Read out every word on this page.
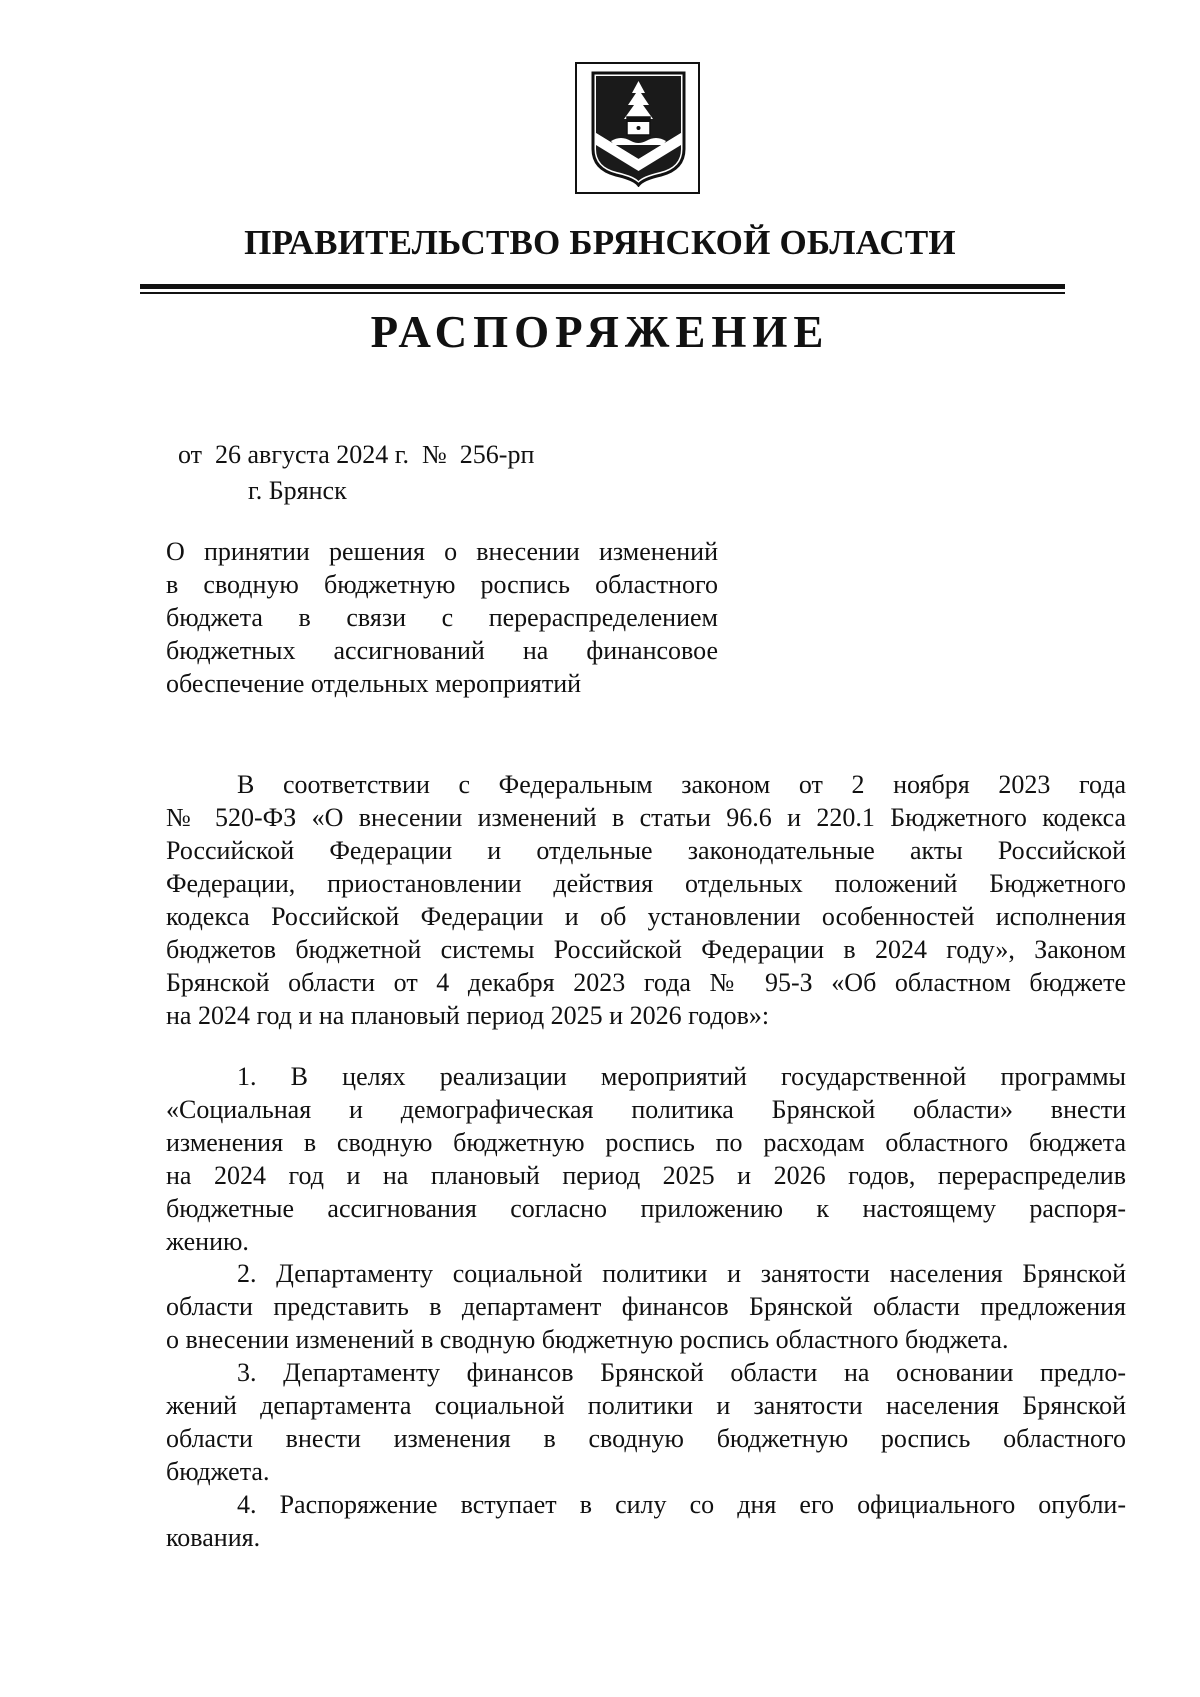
ПРАВИТЕЛЬСТВО БРЯНСКОЙ ОБЛАСТИ
РАСПОРЯЖЕНИЕ
от  26 августа 2024 г.  №  256-рп
г. Брянск
О принятии решения о внесении изменений
в сводную бюджетную роспись областного
бюджета в связи с перераспределением
бюджетных ассигнований на финансовое
обеспечение отдельных мероприятий
В соответствии с Федеральным законом от 2 ноября 2023 года
№ 520-ФЗ «О внесении изменений в статьи 96.6 и 220.1 Бюджетного кодекса
Российской Федерации и отдельные законодательные акты Российской
Федерации, приостановлении действия отдельных положений Бюджетного
кодекса Российской Федерации и об установлении особенностей исполнения
бюджетов бюджетной системы Российской Федерации в 2024 году», Законом
Брянской области от 4 декабря 2023 года № 95-З «Об областном бюджете
на 2024 год и на плановый период 2025 и 2026 годов»:
1. В целях реализации мероприятий государственной программы
«Социальная и демографическая политика Брянской области» внести
изменения в сводную бюджетную роспись по расходам областного бюджета
на 2024 год и на плановый период 2025 и 2026 годов, перераспределив
бюджетные ассигнования согласно приложению к настоящему распоря-
жению.
2. Департаменту социальной политики и занятости населения Брянской
области представить в департамент финансов Брянской области предложения
о внесении изменений в сводную бюджетную роспись областного бюджета.
3. Департаменту финансов Брянской области на основании предло-
жений департамента социальной политики и занятости населения Брянской
области внести изменения в сводную бюджетную роспись областного
бюджета.
4. Распоряжение вступает в силу со дня его официального опубли-
кования.
